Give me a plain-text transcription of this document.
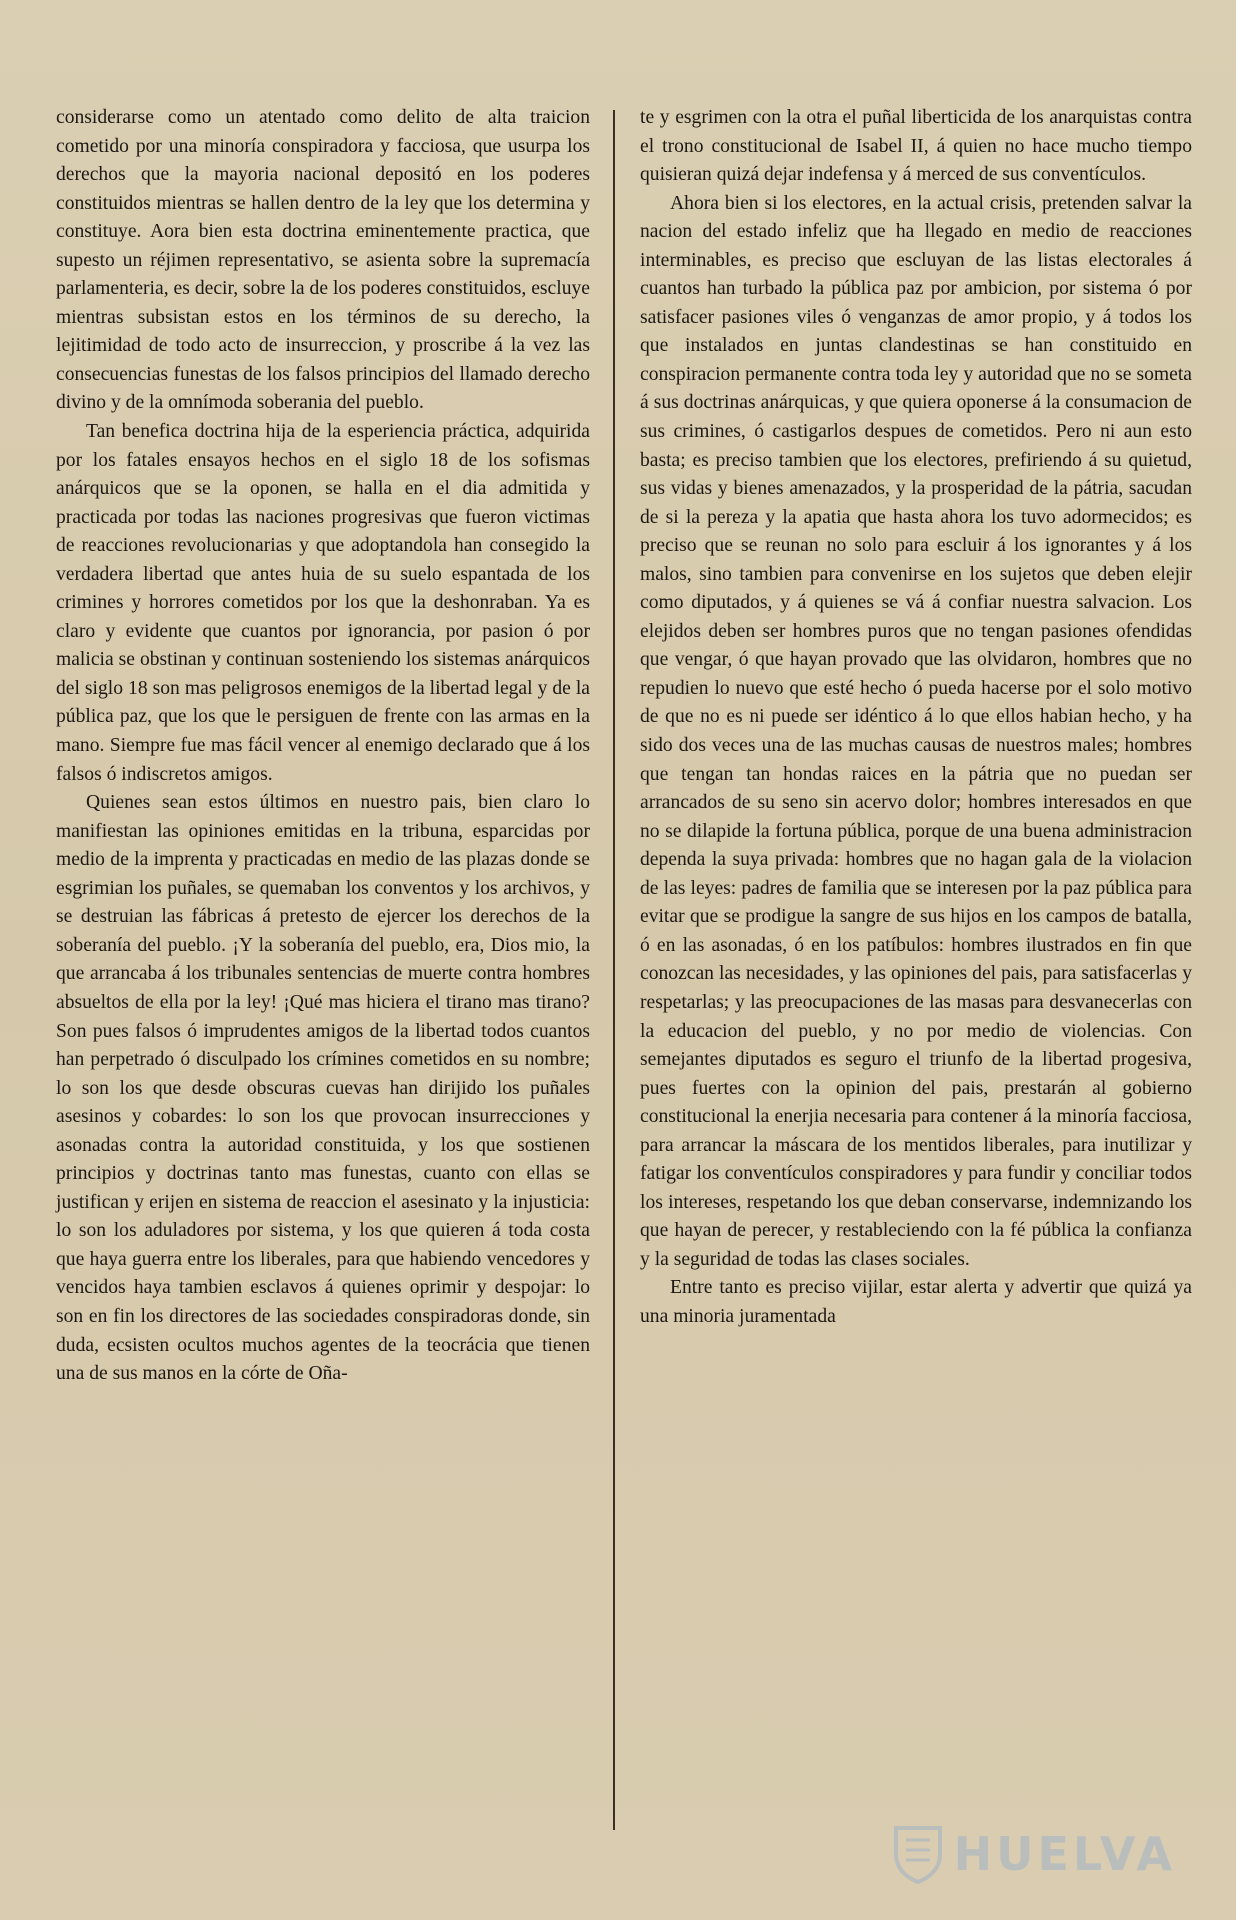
considerarse como un atentado como delito de alta traicion cometido por una minoría conspiradora y facciosa, que usurpa los derechos que la mayoria nacional depositó en los poderes constituidos mientras se hallen dentro de la ley que los determina y constituye. Aora bien esta doctrina eminentemente practica, que supesto un réjimen representativo, se asienta sobre la supremacía parlamenteria, es decir, sobre la de los poderes constituidos, escluye mientras subsistan estos en los términos de su derecho, la lejitimidad de todo acto de insurreccion, y proscribe á la vez las consecuencias funestas de los falsos principios del llamado derecho divino y de la omnímoda soberania del pueblo.

Tan benefica doctrina hija de la esperiencia práctica, adquirida por los fatales ensayos hechos en el siglo 18 de los sofismas anárquicos que se la oponen, se halla en el dia admitida y practicada por todas las naciones progresivas que fueron victimas de reacciones revolucionarias y que adoptandola han consegido la verdadera libertad que antes huia de su suelo espantada de los crimines y horrores cometidos por los que la deshonraban. Ya es claro y evidente que cuantos por ignorancia, por pasion ó por malicia se obstinan y continuan sosteniendo los sistemas anárquicos del siglo 18 son mas peligrosos enemigos de la libertad legal y de la pública paz, que los que le persiguen de frente con las armas en la mano. Siempre fue mas fácil vencer al enemigo declarado que á los falsos ó indiscretos amigos.

Quienes sean estos últimos en nuestro pais, bien claro lo manifiestan las opiniones emitidas en la tribuna, esparcidas por medio de la imprenta y practicadas en medio de las plazas donde se esgrimian los puñales, se quemaban los conventos y los archivos, y se destruian las fábricas á pretesto de ejercer los derechos de la soberanía del pueblo. ¡Y la soberanía del pueblo, era, Dios mio, la que arrancaba á los tribunales sentencias de muerte contra hombres absueltos de ella por la ley! ¡Qué mas hiciera el tirano mas tirano? Son pues falsos ó imprudentes amigos de la libertad todos cuantos han perpetrado ó disculpado los crímines cometidos en su nombre; lo son los que desde obscuras cuevas han dirijido los puñales asesinos y cobardes: lo son los que provocan insurrecciones y asonadas contra la autoridad constituida, y los que sostienen principios y doctrinas tanto mas funestas, cuanto con ellas se justifican y erijen en sistema de reaccion el asesinato y la injusticia: lo son los aduladores por sistema, y los que quieren á toda costa que haya guerra entre los liberales, para que habiendo vencedores y vencidos haya tambien esclavos á quienes oprimir y despojar: lo son en fin los directores de las sociedades conspiradoras donde, sin duda, ecsisten ocultos muchos agentes de la teocrácia que tienen una de sus manos en la córte de Oña-

te y esgrimen con la otra el puñal liberticida de los anarquistas contra el trono constitucional de Isabel II, á quien no hace mucho tiempo quisieran quizá dejar indefensa y á merced de sus conventículos.

Ahora bien si los electores, en la actual crisis, pretenden salvar la nacion del estado infeliz que ha llegado en medio de reacciones interminables, es preciso que escluyan de las listas electorales á cuantos han turbado la pública paz por ambicion, por sistema ó por satisfacer pasiones viles ó venganzas de amor propio, y á todos los que instalados en juntas clandestinas se han constituido en conspiracion permanente contra toda ley y autoridad que no se someta á sus doctrinas anárquicas, y que quiera oponerse á la consumacion de sus crimines, ó castigarlos despues de cometidos. Pero ni aun esto basta; es preciso tambien que los electores, prefiriendo á su quietud, sus vidas y bienes amenazados, y la prosperidad de la pátria, sacudan de si la pereza y la apatia que hasta ahora los tuvo adormecidos; es preciso que se reunan no solo para escluir á los ignorantes y á los malos, sino tambien para convenirse en los sujetos que deben elejir como diputados, y á quienes se vá á confiar nuestra salvacion. Los elejidos deben ser hombres puros que no tengan pasiones ofendidas que vengar, ó que hayan provado que las olvidaron, hombres que no repudien lo nuevo que esté hecho ó pueda hacerse por el solo motivo de que no es ni puede ser idéntico á lo que ellos habian hecho, y ha sido dos veces una de las muchas causas de nuestros males; hombres que tengan tan hondas raices en la pátria que no puedan ser arrancados de su seno sin acervo dolor; hombres interesados en que no se dilapide la fortuna pública, porque de una buena administracion dependa la suya privada: hombres que no hagan gala de la violacion de las leyes: padres de familia que se interesen por la paz pública para evitar que se prodigue la sangre de sus hijos en los campos de batalla, ó en las asonadas, ó en los patíbulos: hombres ilustrados en fin que conozcan las necesidades, y las opiniones del pais, para satisfacerlas y respetarlas; y las preocupaciones de las masas para desvanecerlas con la educacion del pueblo, y no por medio de violencias. Con semejantes diputados es seguro el triunfo de la libertad progesiva, pues fuertes con la opinion del pais, prestarán al gobierno constitucional la enerjia necesaria para contener á la minoría facciosa, para arrancar la máscara de los mentidos liberales, para inutilizar y fatigar los conventículos conspiradores y para fundir y conciliar todos los intereses, respetando los que deban conservarse, indemnizando los que hayan de perecer, y restableciendo con la fé pública la confianza y la seguridad de todas las clases sociales.

Entre tanto es preciso vijilar, estar alerta y advertir que quizá ya una minoria juramentada

HUELVA
